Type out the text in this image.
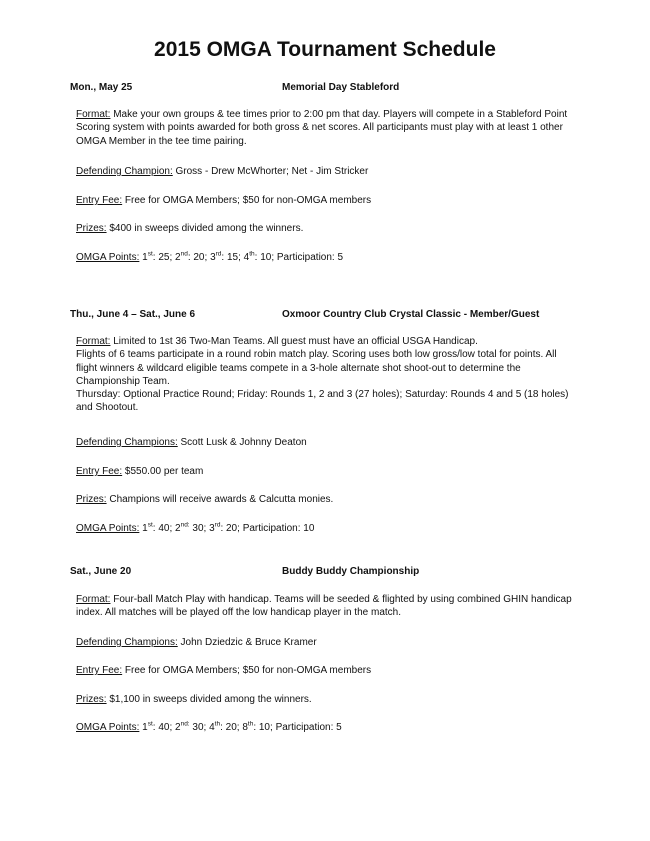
2015 OMGA Tournament Schedule
Mon., May 25	Memorial Day Stableford
Format: Make your own groups & tee times prior to 2:00 pm that day. Players will compete in a Stableford Point Scoring system with points awarded for both gross & net scores. All participants must play with at least 1 other OMGA Member in the tee time pairing.
Defending Champion: Gross - Drew McWhorter; Net - Jim Stricker
Entry Fee: Free for OMGA Members; $50 for non-OMGA members
Prizes: $400 in sweeps divided among the winners.
OMGA Points: 1st: 25; 2nd: 20; 3rd: 15; 4th: 10; Participation: 5
Thu., June 4 – Sat., June 6	Oxmoor Country Club Crystal Classic - Member/Guest
Format: Limited to 1st 36 Two-Man Teams. All guest must have an official USGA Handicap.
Flights of 6 teams participate in a round robin match play. Scoring uses both low gross/low total for points. All flight winners & wildcard eligible teams compete in a 3-hole alternate shot shoot-out to determine the Championship Team.
Thursday: Optional Practice Round; Friday: Rounds 1, 2 and 3 (27 holes); Saturday: Rounds 4 and 5 (18 holes) and Shootout.
Defending Champions: Scott Lusk & Johnny Deaton
Entry Fee: $550.00 per team
Prizes: Champions will receive awards & Calcutta monies.
OMGA Points: 1st: 40; $2^{nd:}$ 30; 3rd: 20; Participation: 10
Sat., June 20	Buddy Buddy Championship
Format: Four-ball Match Play with handicap. Teams will be seeded & flighted by using combined GHIN handicap index. All matches will be played off the low handicap player in the match.
Defending Champions: John Dziedzic & Bruce Kramer
Entry Fee: Free for OMGA Members; $50 for non-OMGA members
Prizes: $1,100 in sweeps divided among the winners.
OMGA Points: 1st: 40; $2^{nd:}$ 30; 4th: 20; 8th: 10; Participation: 5
